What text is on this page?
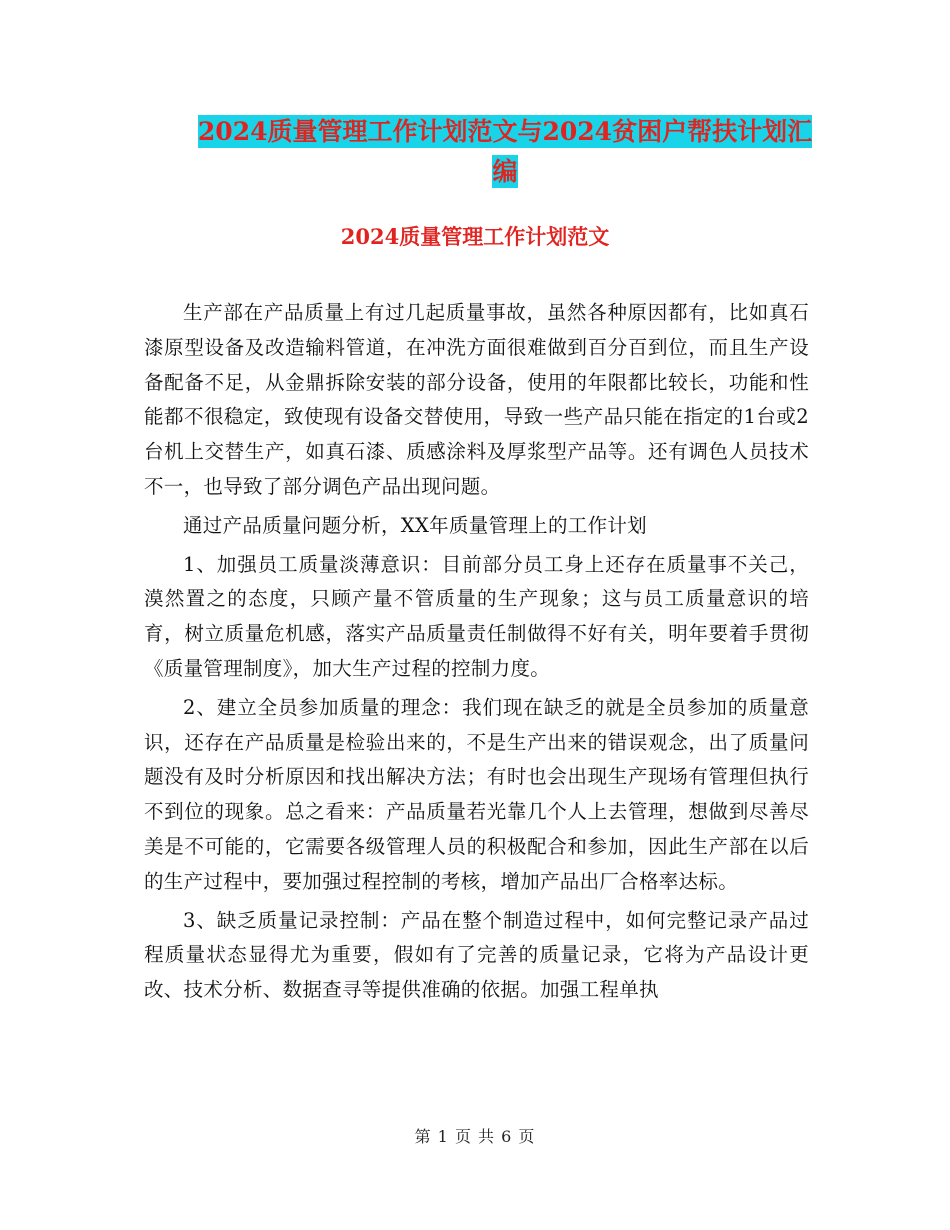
2024质量管理工作计划范文与2024贫困户帮扶计划汇
编
2024质量管理工作计划范文

生产部在产品质量上有过几起质量事故，虽然各种原因都有，比如真石漆原型设备及改造输料管道，在冲洗方面很难做到百分百到位，而且生产设备配备不足，从金鼎拆除安装的部分设备，使用的年限都比较长，功能和性能都不很稳定，致使现有设备交替使用，导致一些产品只能在指定的1台或2台机上交替生产，如真石漆、质感涂料及厚浆型产品等。还有调色人员技术不一，也导致了部分调色产品出现问题。

通过产品质量问题分析，XX年质量管理上的工作计划

1、加强员工质量淡薄意识：目前部分员工身上还存在质量事不关己，漠然置之的态度，只顾产量不管质量的生产现象；这与员工质量意识的培育，树立质量危机感，落实产品质量责任制做得不好有关，明年要着手贯彻《质量管理制度》，加大生产过程的控制力度。

2、建立全员参加质量的理念：我们现在缺乏的就是全员参加的质量意识，还存在产品质量是检验出来的，不是生产出来的错误观念，出了质量问题没有及时分析原因和找出解决方法；有时也会出现生产现场有管理但执行不到位的现象。总之看来：产品质量若光靠几个人上去管理，想做到尽善尽美是不可能的，它需要各级管理人员的积极配合和参加，因此生产部在以后的生产过程中，要加强过程控制的考核，增加产品出厂合格率达标。

3、缺乏质量记录控制：产品在整个制造过程中，如何完整记录产品过程质量状态显得尤为重要，假如有了完善的质量记录，它将为产品设计更改、技术分析、数据查寻等提供准确的依据。加强工程单执

第 1 页 共 6 页
